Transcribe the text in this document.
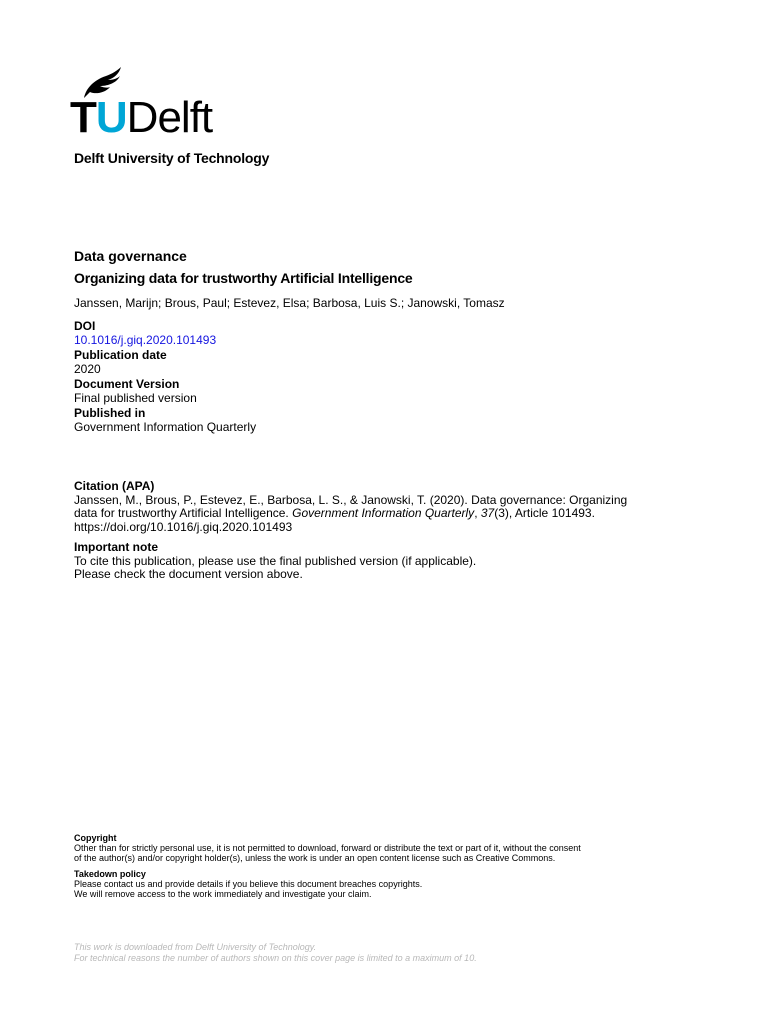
TUDelft
Delft University of Technology
Data governance
Organizing data for trustworthy Artificial Intelligence
Janssen, Marijn; Brous, Paul; Estevez, Elsa; Barbosa, Luis S.; Janowski, Tomasz
DOI
10.1016/j.giq.2020.101493
Publication date
2020
Document Version
Final published version
Published in
Government Information Quarterly
Citation (APA)
Janssen, M., Brous, P., Estevez, E., Barbosa, L. S., & Janowski, T. (2020). Data governance: Organizing
data for trustworthy Artificial Intelligence. Government Information Quarterly, 37(3), Article 101493.
https://doi.org/10.1016/j.giq.2020.101493
Important note
To cite this publication, please use the final published version (if applicable).
Please check the document version above.
Copyright
Other than for strictly personal use, it is not permitted to download, forward or distribute the text or part of it, without the consent
of the author(s) and/or copyright holder(s), unless the work is under an open content license such as Creative Commons.
Takedown policy
Please contact us and provide details if you believe this document breaches copyrights.
We will remove access to the work immediately and investigate your claim.
This work is downloaded from Delft University of Technology.
For technical reasons the number of authors shown on this cover page is limited to a maximum of 10.
